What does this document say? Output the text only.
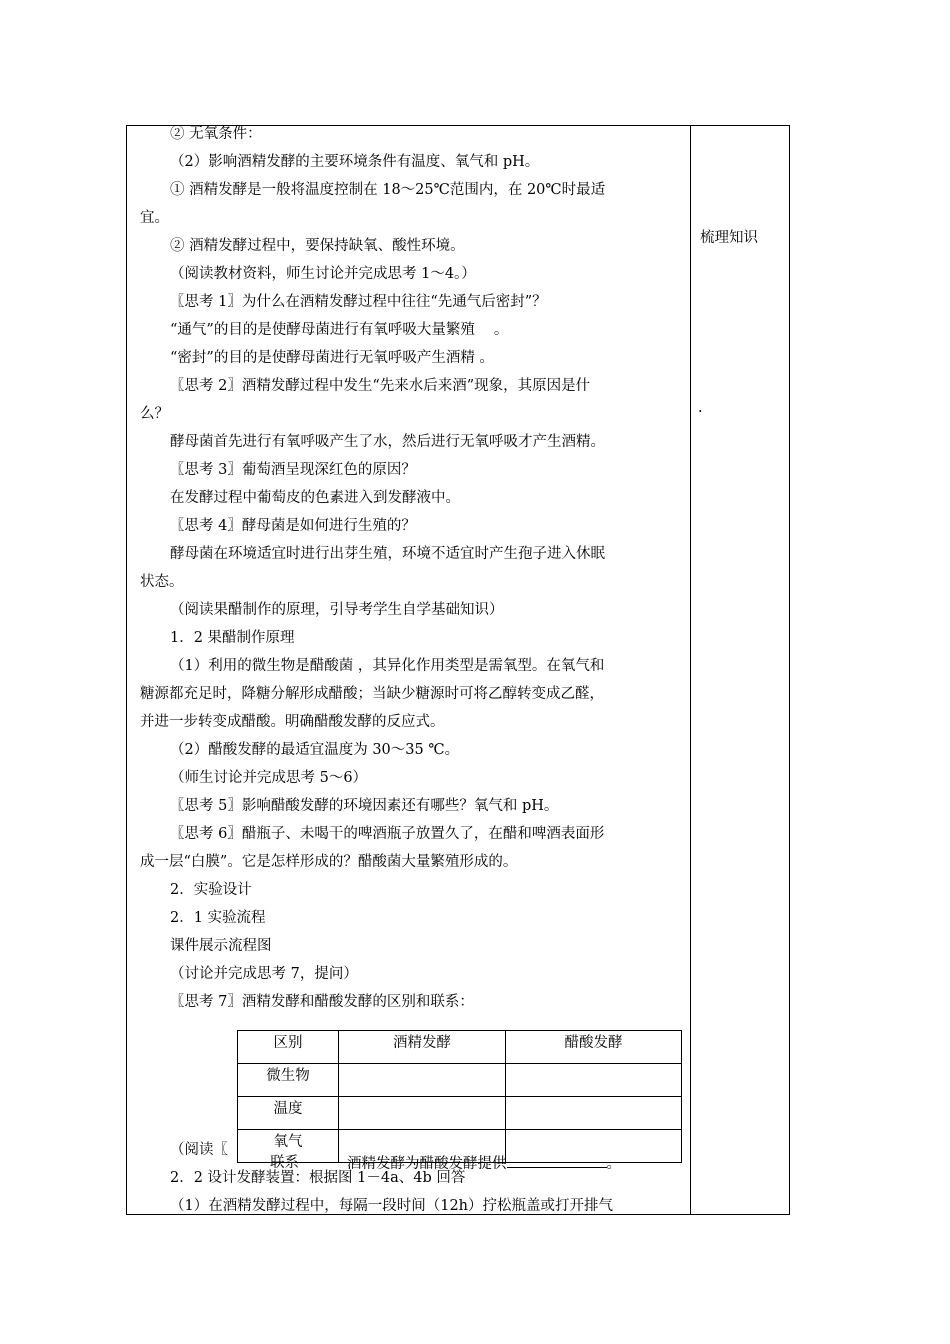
② 无氧条件：
（2）影响酒精发酵的主要环境条件有温度、氧气和 pH。
① 酒精发酵是一般将温度控制在 18～25℃范围内，在 20℃时最适
宜。
② 酒精发酵过程中，要保持缺氧、酸性环境。
（阅读教材资料，师生讨论并完成思考 1～4。）
〖思考 1〗为什么在酒精发酵过程中往往“先通气后密封”？
“通气”的目的是使酵母菌进行有氧呼吸大量繁殖　 。
“密封”的目的是使酵母菌进行无氧呼吸产生酒精 。
〖思考 2〗酒精发酵过程中发生“先来水后来酒”现象，其原因是什
么？
酵母菌首先进行有氧呼吸产生了水，然后进行无氧呼吸才产生酒精。
〖思考 3〗葡萄酒呈现深红色的原因？
在发酵过程中葡萄皮的色素进入到发酵液中。
〖思考 4〗酵母菌是如何进行生殖的？
酵母菌在环境适宜时进行出芽生殖，环境不适宜时产生孢子进入休眠
状态。
（阅读果醋制作的原理，引导考学生自学基础知识）
1．2 果醋制作原理
（1）利用的微生物是醋酸菌 ，其异化作用类型是需氧型。在氧气和
糖源都充足时，降糖分解形成醋酸；当缺少糖源时可将乙醇转变成乙醛，
并进一步转变成醋酸。明确醋酸发酵的反应式。
（2）醋酸发酵的最适宜温度为 30～35 ℃。
（师生讨论并完成思考 5～6）
〖思考 5〗影响醋酸发酵的环境因素还有哪些？氧气和 pH。
〖思考 6〗醋瓶子、未喝干的啤酒瓶子放置久了，在醋和啤酒表面形
成一层“白膜”。它是怎样形成的？醋酸菌大量繁殖形成的。
2．实验设计
2．1 实验流程
课件展示流程图
（讨论并完成思考 7，提问）
〖思考 7〗酒精发酵和醋酸发酵的区别和联系：
区别	酒精发酵	醋酸发酵
微生物		
温度		
氧气		
（阅读〖
联系	酒精发酵为醋酸发酵提供	。
2．2 设计发酵装置：根据图 1－4a、4b 回答
（1）在酒精发酵过程中，每隔一段时间（12h）拧松瓶盖或打开排气
梳理知识
.
